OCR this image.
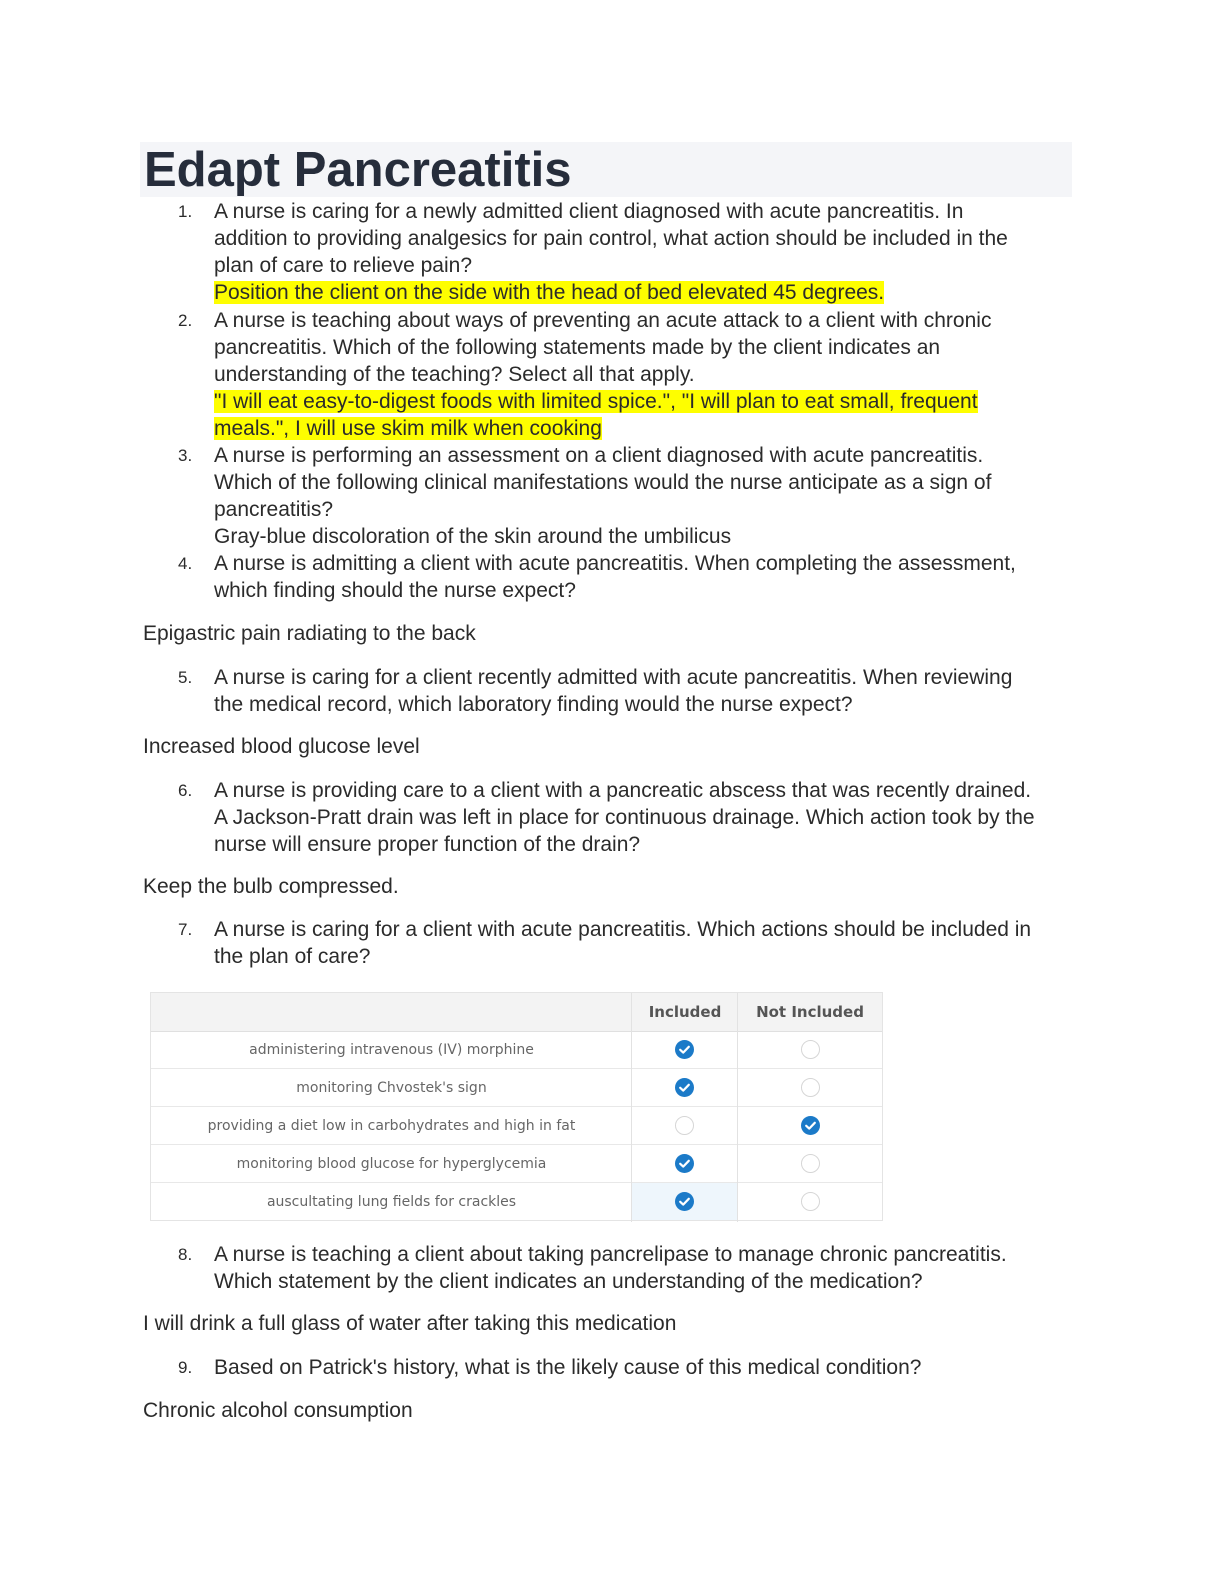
Edapt Pancreatitis
1. A nurse is caring for a newly admitted client diagnosed with acute pancreatitis. In
addition to providing analgesics for pain control, what action should be included in the
plan of care to relieve pain?
Position the client on the side with the head of bed elevated 45 degrees.
2. A nurse is teaching about ways of preventing an acute attack to a client with chronic
pancreatitis. Which of the following statements made by the client indicates an
understanding of the teaching? Select all that apply.
"I will eat easy-to-digest foods with limited spice.", "I will plan to eat small, frequent
meals.", I will use skim milk when cooking
3. A nurse is performing an assessment on a client diagnosed with acute pancreatitis.
Which of the following clinical manifestations would the nurse anticipate as a sign of
pancreatitis?
Gray-blue discoloration of the skin around the umbilicus
4. A nurse is admitting a client with acute pancreatitis. When completing the assessment,
which finding should the nurse expect?
Epigastric pain radiating to the back
5. A nurse is caring for a client recently admitted with acute pancreatitis. When reviewing
the medical record, which laboratory finding would the nurse expect?
Increased blood glucose level
6. A nurse is providing care to a client with a pancreatic abscess that was recently drained.
A Jackson-Pratt drain was left in place for continuous drainage. Which action took by the
nurse will ensure proper function of the drain?
Keep the bulb compressed.
7. A nurse is caring for a client with acute pancreatitis. Which actions should be included in
the plan of care?
Included	Not Included
administering intravenous (IV) morphine
monitoring Chvostek's sign
providing a diet low in carbohydrates and high in fat
monitoring blood glucose for hyperglycemia
auscultating lung fields for crackles
8. A nurse is teaching a client about taking pancrelipase to manage chronic pancreatitis.
Which statement by the client indicates an understanding of the medication?
I will drink a full glass of water after taking this medication
9. Based on Patrick's history, what is the likely cause of this medical condition?
Chronic alcohol consumption
